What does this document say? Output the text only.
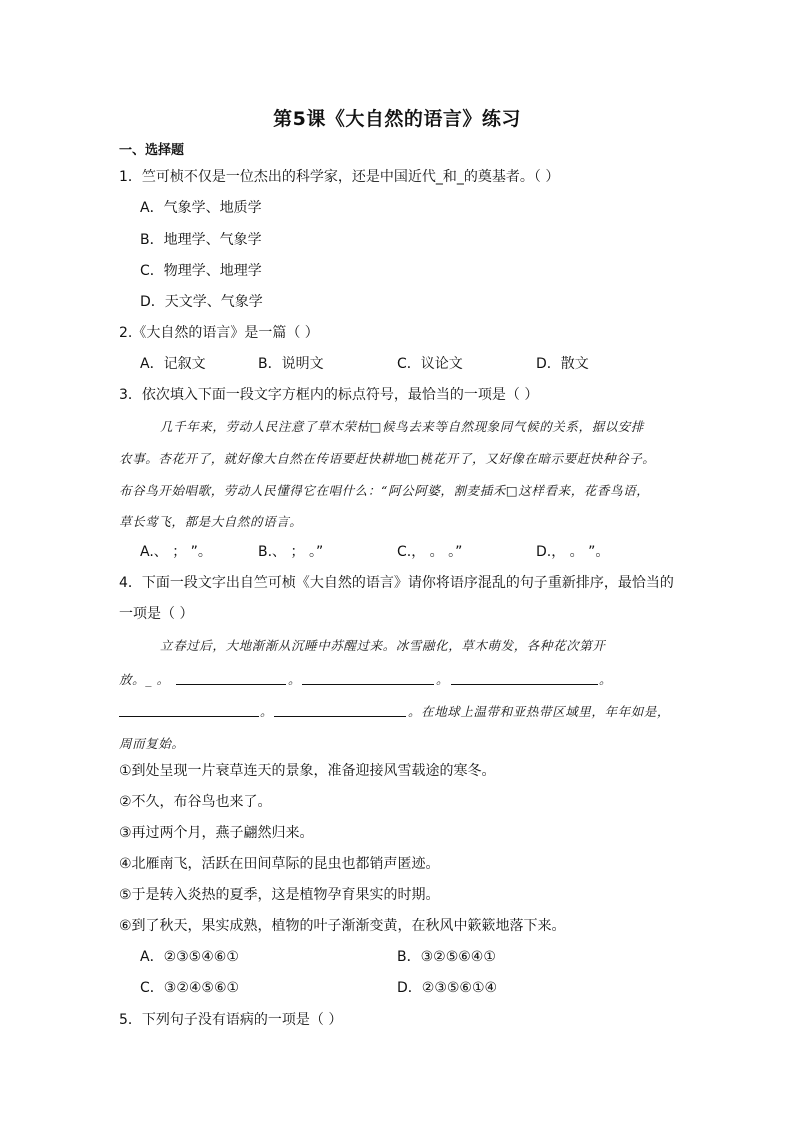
第5课《大自然的语言》练习
一、选择题
1．竺可桢不仅是一位杰出的科学家，还是中国近代_和_的奠基者。（ ）
A．气象学、地质学
B．地理学、气象学
C．物理学、地理学
D．天文学、气象学
2.《大自然的语言》是一篇（ ）
A．记叙文	B．说明文	C．议论文	D．散文
3．依次填入下面一段文字方框内的标点符号，最恰当的一项是（ ）
几千年来，劳动人民注意了草木荣枯□候鸟去来等自然现象同气候的关系，据以安排
农事。杏花开了，就好像大自然在传语要赶快耕地□桃花开了，又好像在暗示要赶快种谷子。
布谷鸟开始唱歌，劳动人民懂得它在唱什么：“阿公阿婆，割麦插禾□这样看来，花香鸟语，
草长莺飞，都是大自然的语言。
A.、 ； ”。	B.、 ； 。”	C.， 。 。”	D.， 。 ”。
4．下面一段文字出自竺可桢《大自然的语言》请你将语序混乱的句子重新排序，最恰当的
一项是（ ）
立春过后，大地渐渐从沉睡中苏醒过来。冰雪融化，草木萌发，各种花次第开
放。_ 。	。	。	。
。	。在地球上温带和亚热带区域里，年年如是，
周而复始。
①到处呈现一片衰草连天的景象，准备迎接风雪载途的寒冬。
②不久，布谷鸟也来了。
③再过两个月，燕子翩然归来。
④北雁南飞，活跃在田间草际的昆虫也都销声匿迹。
⑤于是转入炎热的夏季，这是植物孕育果实的时期。
⑥到了秋天，果实成熟，植物的叶子渐渐变黄，在秋风中簌簌地落下来。
A．②③⑤④⑥①	B．③②⑤⑥④①
C．③②④⑤⑥①	D．②③⑤⑥①④
5．下列句子没有语病的一项是（ ）
